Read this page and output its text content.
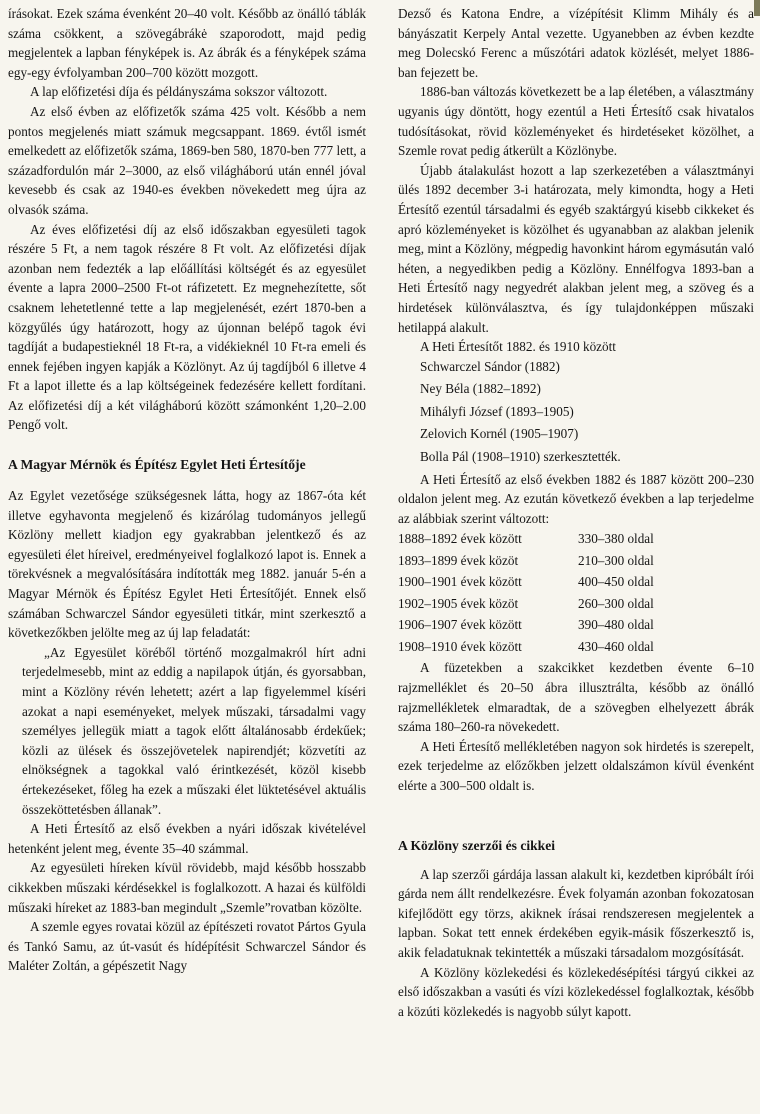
írásokat. Ezek száma évenként 20–40 volt. Később az önálló táblák száma csökkent, a szövegábrákė szaporodott, majd pedig megjelentek a lapban fényképek is. Az ábrák és a fényképek száma egy-egy évfolyamban 200–700 között mozgott.

A lap előfizetési díja és példányszáma sokszor változott.

Az első évben az előfizetők száma 425 volt. Később a nem pontos megjelenés miatt számuk megcsappant. 1869. évtől ismét emelkedett az előfizetők száma, 1869-ben 580, 1870-ben 777 lett, a századfordulón már 2–3000, az első világháború után ennél jóval kevesebb és csak az 1940-es években növekedett meg újra az olvasók száma.

Az éves előfizetési díj az első időszakban egyesületi tagok részére 5 Ft, a nem tagok részére 8 Ft volt. Az előfizetési díjak azonban nem fedezték a lap előállítási költségét és az egyesület évente a lapra 2000–2500 Ft-ot ráfizetett. Ez megnehezítette, sőt csaknem lehetetlenné tette a lap megjelenését, ezért 1870-ben a közgyűlés úgy határozott, hogy az újonnan belépő tagok évi tagdíját a budapestieknél 18 Ft-ra, a vidékieknél 10 Ft-ra emeli és ennek fejében ingyen kapják a Közlönyt. Az új tagdíjból 6 illetve 4 Ft a lapot illette és a lap költségeinek fedezésére kellett fordítani. Az előfizetési díj a két világháború között számonként 1,20–2.00 Pengő volt.

A Magyar Mérnök és Építész Egylet Heti Értesítője

Az Egylet vezetősége szükségesnek látta, hogy az 1867-óta két illetve egyhavonta megjelenő és kizárólag tudományos jellegű Közlöny mellett kiadjon egy gyakrabban jelentkező és az egyesületi élet híreivel, eredményeivel foglalkozó lapot is. Ennek a törekvésnek a megvalósítására indították meg 1882. január 5-én a Magyar Mérnök és Építész Egylet Heti Értesítőjét. Ennek első számában Schwarczel Sándor egyesületi titkár, mint szerkesztő a következőkben jelölte meg az új lap feladatát:

„Az Egyesület köréből történő mozgalmakról hírt adni terjedelmesebb, mint az eddig a napilapok útján, és gyorsabban, mint a Közlöny révén lehetett; azért a lap figyelemmel kíséri azokat a napi eseményeket, melyek műszaki, társadalmi vagy személyes jellegük miatt a tagok előtt általánosabb érdekűek; közli az ülések és összejövetelek napirendjét; közvetíti az elnökségnek a tagokkal való érintkezését, közöl kisebb értekezéseket, főleg ha ezek a műszaki élet lüktetésével aktuális összeköttetésben állanak”.

A Heti Értesítő az első években a nyári időszak kivételével hetenként jelent meg, évente 35–40 számmal.

Az egyesületi híreken kívül rövidebb, majd később hosszabb cikkekben műszaki kérdésekkel is foglalkozott. A hazai és külföldi műszaki híreket az 1883-ban megindult „Szemle”rovatban közölte.

A szemle egyes rovatai közül az építészeti rovatot Pártos Gyula és Tankó Samu, az út-vasút és hídépítésit Schwarczel Sándor és Maléter Zoltán, a gépészetit Nagy

Dezső és Katona Endre, a vízépítésit Klimm Mihály és a bányászatit Kerpely Antal vezette. Ugyanebben az évben kezdte meg Dolecskó Ferenc a műszótári adatok közlését, melyet 1886-ban fejezett be.

1886-ban változás következett be a lap életében, a választmány ugyanis úgy döntött, hogy ezentúl a Heti Értesítő csak hivatalos tudósításokat, rövid közleményeket és hirdetéseket közölhet, a Szemle rovat pedig átkerült a Közlönybe.

Újabb átalakulást hozott a lap szerkezetében a választmányi ülés 1892 december 3-i határozata, mely kimondta, hogy a Heti Értesítő ezentúl társadalmi és egyéb szaktárgyú kisebb cikkeket és apró közleményeket is közölhet és ugyanabban az alakban jelenik meg, mint a Közlöny, mégpedig havonkint három egymásután való héten, a negyedikben pedig a Közlöny. Ennélfogva 1893-ban a Heti Értesítő nagy negyedrét alakban jelent meg, a szöveg és a hirdetések különválasztva, és így tulajdonképpen műszaki hetilappá alakult.

A Heti Értesítőt 1882. és 1910 között

Schwarczel Sándor (1882)

Ney Béla (1882–1892)

Mihályfi József (1893–1905)

Zelovich Kornél (1905–1907)

Bolla Pál (1908–1910) szerkesztették.

A Heti Értesítő az első években 1882 és 1887 között 200–230 oldalon jelent meg. Az ezután következő években a lap terjedelme az alábbiak szerint változott:

1888–1892 évek között	330–380 oldal
1893–1899 évek közöt	210–300 oldal
1900–1901 évek között	400–450 oldal
1902–1905 évek közöt	260–300 oldal
1906–1907 évek között	390–480 oldal
1908–1910 évek között	430–460 oldal

A füzetekben a szakcikket kezdetben évente 6–10 rajzmelléklet és 20–50 ábra illusztrálta, később az önálló rajzmellékletek elmaradtak, de a szövegben elhelyezett ábrák száma 180–260-ra növekedett.

A Heti Értesítő mellékletében nagyon sok hirdetés is szerepelt, ezek terjedelme az előzőkben jelzett oldalszámon kívül évenként elérte a 300–500 oldalt is.

A Közlöny szerzői és cikkei

A lap szerzői gárdája lassan alakult ki, kezdetben kipróbált írói gárda nem állt rendelkezésre. Évek folyamán azonban fokozatosan kifejlődött egy törzs, akiknek írásai rendszeresen megjelentek a lapban. Sokat tett ennek érdekében egyik-másik főszerkesztő is, akik feladatuknak tekintették a műszaki társadalom mozgósítását.

A Közlöny közlekedési és közlekedésépítési tárgyú cikkei az első időszakban a vasúti és vízi közlekedéssel foglalkoztak, később a közúti közlekedés is nagyobb súlyt kapott.
